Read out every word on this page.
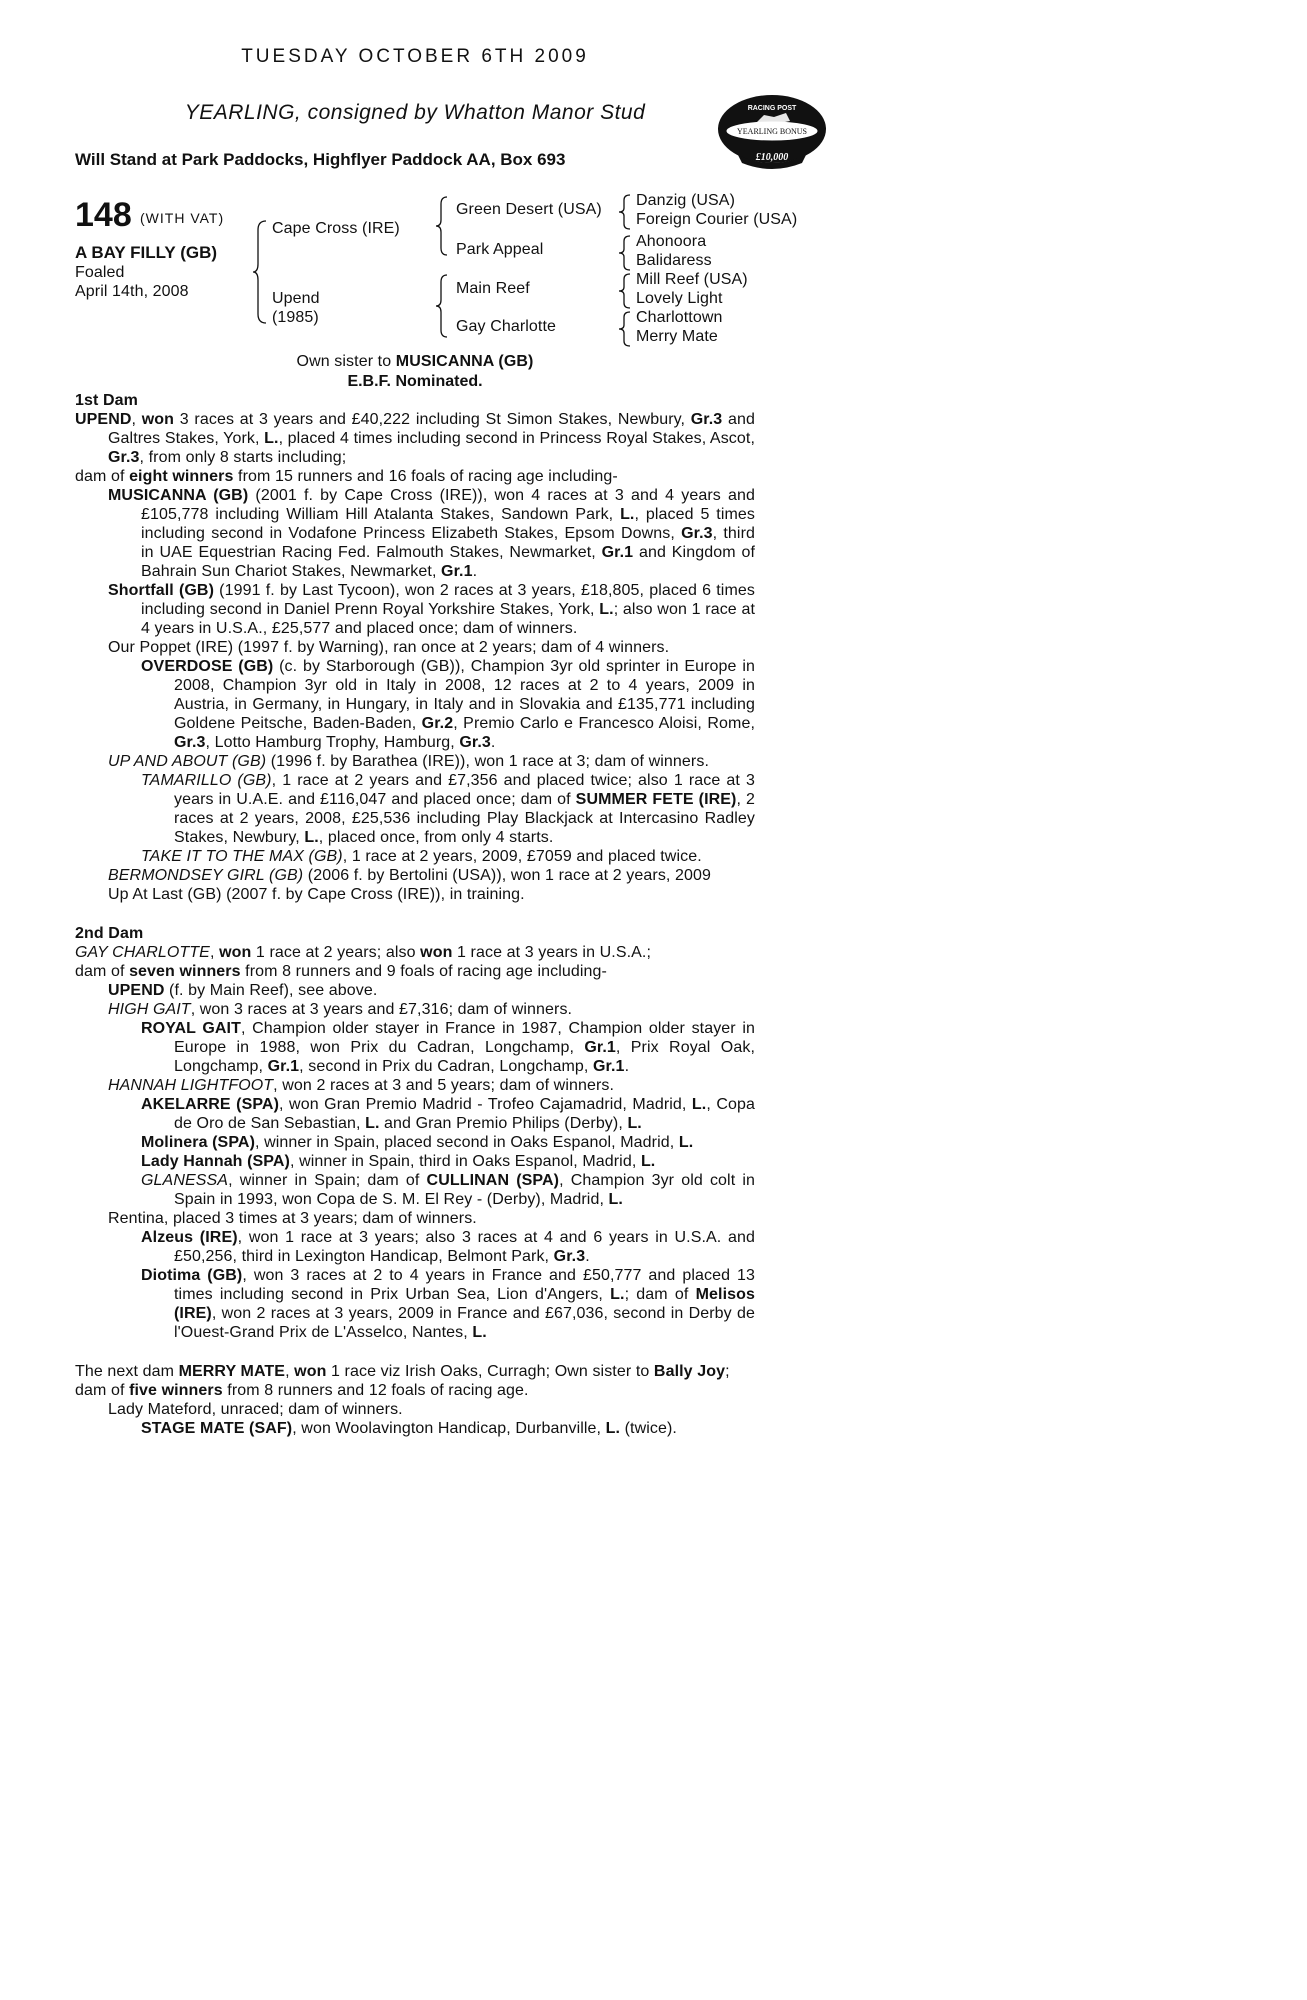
TUESDAY OCTOBER 6TH 2009
YEARLING, consigned by Whatton Manor Stud
Will Stand at Park Paddocks, Highflyer Paddock AA, Box 693
RACING POST
YEARLING BONUS
£10,000
148 (WITH VAT)
A BAY FILLY (GB)
Foaled
April 14th, 2008
Cape Cross (IRE)
Upend
(1985)
Green Desert (USA)
Park Appeal
Main Reef
Gay Charlotte
Danzig (USA)
Foreign Courier (USA)
Ahonoora
Balidaress
Mill Reef (USA)
Lovely Light
Charlottown
Merry Mate
Own sister to MUSICANNA (GB)
E.B.F. Nominated.

1st Dam

UPEND, won 3 races at 3 years and £40,222 including St Simon Stakes, Newbury, Gr.3 and Galtres Stakes, York, L., placed 4 times including second in Princess Royal Stakes, Ascot, Gr.3, from only 8 starts including;

dam of eight winners from 15 runners and 16 foals of racing age including-

MUSICANNA (GB) (2001 f. by Cape Cross (IRE)), won 4 races at 3 and 4 years and £105,778 including William Hill Atalanta Stakes, Sandown Park, L., placed 5 times including second in Vodafone Princess Elizabeth Stakes, Epsom Downs, Gr.3, third in UAE Equestrian Racing Fed. Falmouth Stakes, Newmarket, Gr.1 and Kingdom of Bahrain Sun Chariot Stakes, Newmarket, Gr.1.

Shortfall (GB) (1991 f. by Last Tycoon), won 2 races at 3 years, £18,805, placed 6 times including second in Daniel Prenn Royal Yorkshire Stakes, York, L.; also won 1 race at 4 years in U.S.A., £25,577 and placed once; dam of winners.

Our Poppet (IRE) (1997 f. by Warning), ran once at 2 years; dam of 4 winners.

OVERDOSE (GB) (c. by Starborough (GB)), Champion 3yr old sprinter in Europe in 2008, Champion 3yr old in Italy in 2008, 12 races at 2 to 4 years, 2009 in Austria, in Germany, in Hungary, in Italy and in Slovakia and £135,771 including Goldene Peitsche, Baden-Baden, Gr.2, Premio Carlo e Francesco Aloisi, Rome, Gr.3, Lotto Hamburg Trophy, Hamburg, Gr.3.

UP AND ABOUT (GB) (1996 f. by Barathea (IRE)), won 1 race at 3; dam of winners.

TAMARILLO (GB), 1 race at 2 years and £7,356 and placed twice; also 1 race at 3 years in U.A.E. and £116,047 and placed once; dam of SUMMER FETE (IRE), 2 races at 2 years, 2008, £25,536 including Play Blackjack at Intercasino Radley Stakes, Newbury, L., placed once, from only 4 starts.

TAKE IT TO THE MAX (GB), 1 race at 2 years, 2009, £7059 and placed twice.

BERMONDSEY GIRL (GB) (2006 f. by Bertolini (USA)), won 1 race at 2 years, 2009

Up At Last (GB) (2007 f. by Cape Cross (IRE)), in training.

2nd Dam

GAY CHARLOTTE, won 1 race at 2 years; also won 1 race at 3 years in U.S.A.;

dam of seven winners from 8 runners and 9 foals of racing age including-

UPEND (f. by Main Reef), see above.

HIGH GAIT, won 3 races at 3 years and £7,316; dam of winners.

ROYAL GAIT, Champion older stayer in France in 1987, Champion older stayer in Europe in 1988, won Prix du Cadran, Longchamp, Gr.1, Prix Royal Oak, Longchamp, Gr.1, second in Prix du Cadran, Longchamp, Gr.1.

HANNAH LIGHTFOOT, won 2 races at 3 and 5 years; dam of winners.

AKELARRE (SPA), won Gran Premio Madrid - Trofeo Cajamadrid, Madrid, L., Copa de Oro de San Sebastian, L. and Gran Premio Philips (Derby), L.

Molinera (SPA), winner in Spain, placed second in Oaks Espanol, Madrid, L.

Lady Hannah (SPA), winner in Spain, third in Oaks Espanol, Madrid, L.

GLANESSA, winner in Spain; dam of CULLINAN (SPA), Champion 3yr old colt in Spain in 1993, won Copa de S. M. El Rey - (Derby), Madrid, L.

Rentina, placed 3 times at 3 years; dam of winners.

Alzeus (IRE), won 1 race at 3 years; also 3 races at 4 and 6 years in U.S.A. and £50,256, third in Lexington Handicap, Belmont Park, Gr.3.

Diotima (GB), won 3 races at 2 to 4 years in France and £50,777 and placed 13 times including second in Prix Urban Sea, Lion d'Angers, L.; dam of Melisos (IRE), won 2 races at 3 years, 2009 in France and £67,036, second in Derby de l'Ouest-Grand Prix de L'Asselco, Nantes, L.

The next dam MERRY MATE, won 1 race viz Irish Oaks, Curragh; Own sister to Bally Joy;

dam of five winners from 8 runners and 12 foals of racing age.

Lady Mateford, unraced; dam of winners.

STAGE MATE (SAF), won Woolavington Handicap, Durbanville, L. (twice).
